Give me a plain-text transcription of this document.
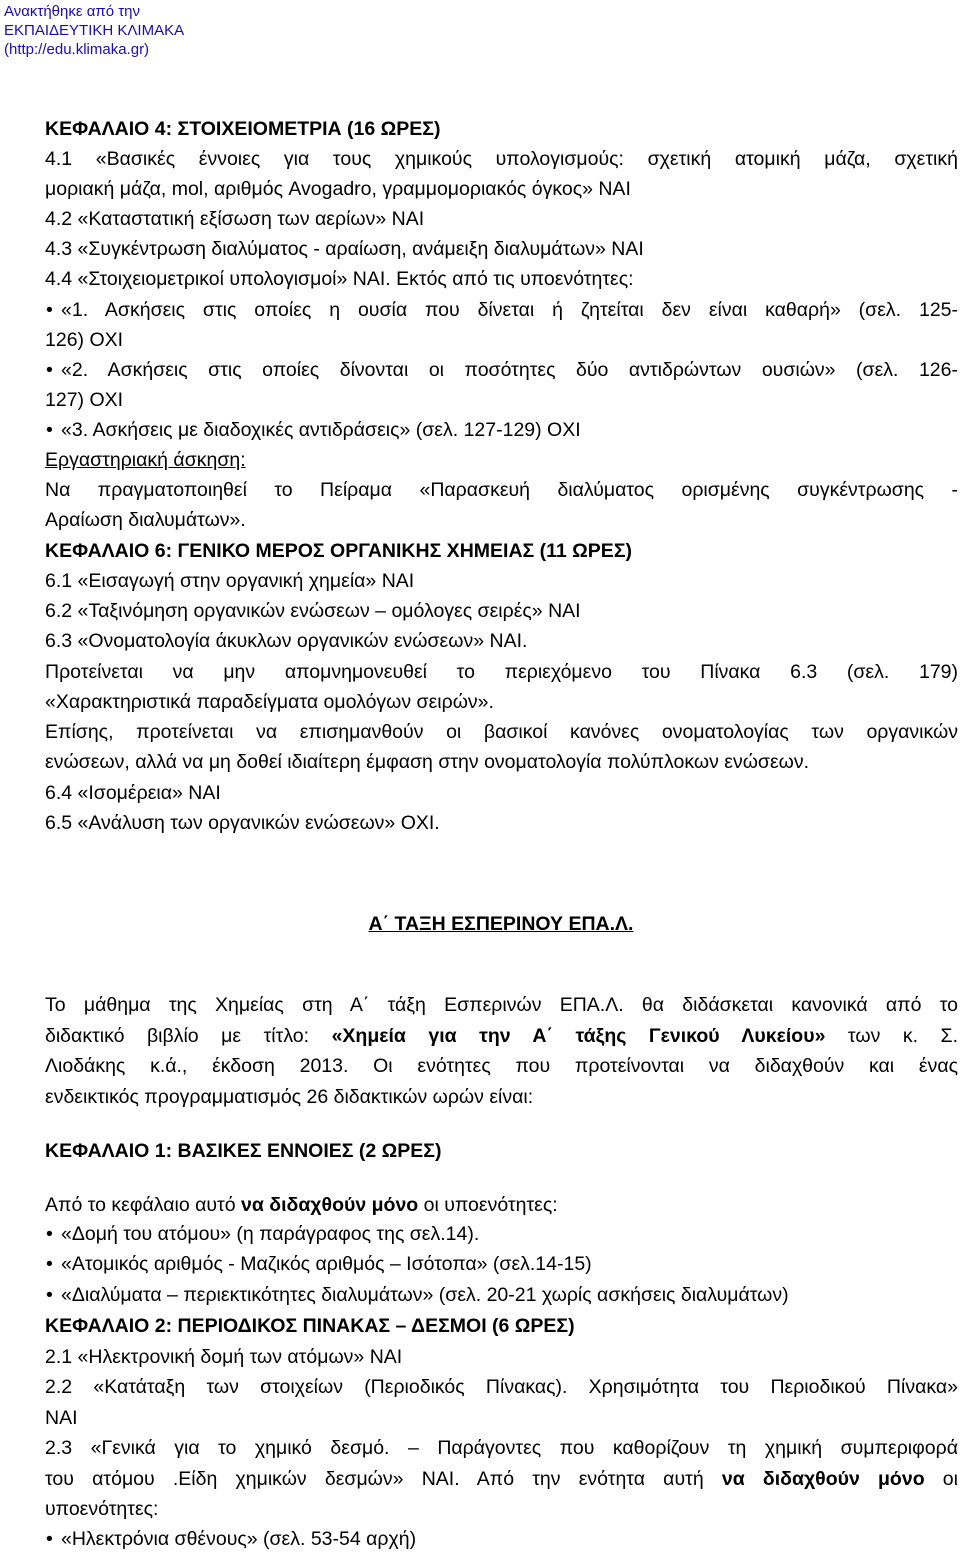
Ανακτήθηκε από την
ΕΚΠΑΙΔΕΥΤΙΚΗ ΚΛΙΜΑΚΑ
(http://edu.klimaka.gr)
ΚΕΦΑΛΑΙΟ 4: ΣΤΟΙΧΕΙΟΜΕΤΡΙΑ (16 ΩΡΕΣ)
4.1 «Βασικές έννοιες για τους χημικούς υπολογισμούς: σχετική ατομική μάζα, σχετική
μοριακή μάζα, mol, αριθμός Avogadro, γραμμομοριακός όγκος» ΝΑΙ
4.2 «Καταστατική εξίσωση των αερίων» ΝΑΙ
4.3 «Συγκέντρωση διαλύματος - αραίωση, ανάμειξη διαλυμάτων» ΝΑΙ
4.4 «Στοιχειομετρικοί υπολογισμοί» ΝΑΙ. Εκτός από τις υποενότητες:
• «1. Ασκήσεις στις οποίες η ουσία που δίνεται ή ζητείται δεν είναι καθαρή» (σελ. 125-
126) ΟΧΙ
• «2. Ασκήσεις στις οποίες δίνονται οι ποσότητες δύο αντιδρώντων ουσιών» (σελ. 126-
127) ΟΧΙ
• «3. Ασκήσεις με διαδοχικές αντιδράσεις» (σελ. 127-129) ΟΧΙ
Εργαστηριακή άσκηση:
Να πραγματοποιηθεί το Πείραμα «Παρασκευή διαλύματος ορισμένης συγκέντρωσης -
Αραίωση διαλυμάτων».
ΚΕΦΑΛΑΙΟ 6: ΓΕΝΙΚΟ ΜΕΡΟΣ ΟΡΓΑΝΙΚΗΣ ΧΗΜΕΙΑΣ (11 ΩΡΕΣ)
6.1 «Εισαγωγή στην οργανική χημεία» ΝΑΙ
6.2 «Ταξινόμηση οργανικών ενώσεων – ομόλογες σειρές» ΝΑΙ
6.3 «Ονοματολογία άκυκλων οργανικών ενώσεων» ΝΑΙ.
Προτείνεται να μην απομνημονευθεί το περιεχόμενο του Πίνακα 6.3 (σελ. 179)
«Χαρακτηριστικά παραδείγματα ομολόγων σειρών».
Επίσης, προτείνεται να επισημανθούν οι βασικοί κανόνες ονοματολογίας των οργανικών
ενώσεων, αλλά να μη δοθεί ιδιαίτερη έμφαση στην ονοματολογία πολύπλοκων ενώσεων.
6.4 «Ισομέρεια» ΝΑΙ
6.5 «Ανάλυση των οργανικών ενώσεων» ΟΧΙ.
Α΄ ΤΑΞΗ ΕΣΠΕΡΙΝΟΥ ΕΠΑ.Λ.
Το μάθημα της Χημείας στη Α΄ τάξη Εσπερινών ΕΠΑ.Λ. θα διδάσκεται κανονικά από το
διδακτικό βιβλίο με τίτλο: «Χημεία για την Α΄ τάξης Γενικού Λυκείου» των κ. Σ.
Λιοδάκης κ.ά., έκδοση 2013. Οι ενότητες που προτείνονται να διδαχθούν και ένας
ενδεικτικός προγραμματισμός 26 διδακτικών ωρών είναι:
ΚΕΦΑΛΑΙΟ 1: ΒΑΣΙΚΕΣ ΕΝΝΟΙΕΣ (2 ΩΡΕΣ)
Από το κεφάλαιο αυτό να διδαχθούν μόνο οι υποενότητες:
• «Δομή του ατόμου» (η παράγραφος της σελ.14).
• «Ατομικός αριθμός - Μαζικός αριθμός – Ισότοπα» (σελ.14-15)
• «Διαλύματα – περιεκτικότητες διαλυμάτων» (σελ. 20-21 χωρίς ασκήσεις διαλυμάτων)
ΚΕΦΑΛΑΙΟ 2: ΠΕΡΙΟΔΙΚΟΣ ΠΙΝΑΚΑΣ – ΔΕΣΜΟΙ (6 ΩΡΕΣ)
2.1 «Ηλεκτρονική δομή των ατόμων» ΝΑΙ
2.2 «Κατάταξη των στοιχείων (Περιοδικός Πίνακας). Χρησιμότητα του Περιοδικού Πίνακα»
ΝΑΙ
2.3 «Γενικά για το χημικό δεσμό. – Παράγοντες που καθορίζουν τη χημική συμπεριφορά
του ατόμου .Είδη χημικών δεσμών» ΝΑΙ. Από την ενότητα αυτή να διδαχθούν μόνο οι
υποενότητες:
• «Ηλεκτρόνια σθένους» (σελ. 53-54 αρχή)
